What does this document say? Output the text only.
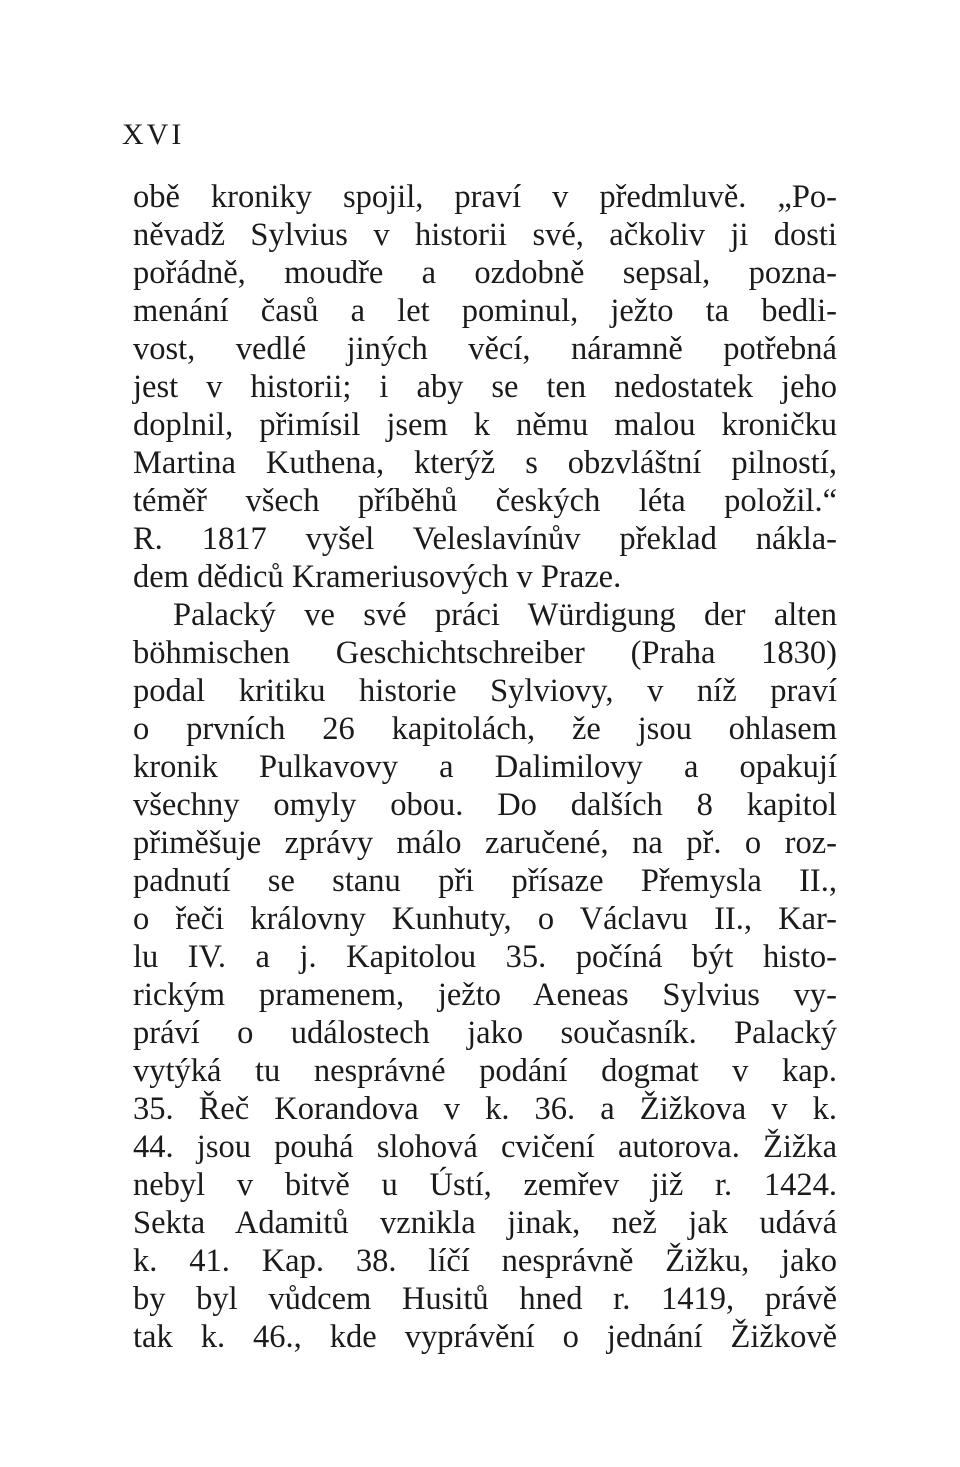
XVI
obě kroniky spojil, praví v předmluvě. „Po-
něvadž Sylvius v historii své, ačkoliv ji dosti
pořádně, moudře a ozdobně sepsal, pozna-
menání časů a let pominul, ježto ta bedli-
vost, vedlé jiných věcí, náramně potřebná
jest v historii; i aby se ten nedostatek jeho
doplnil, přimísil jsem k němu malou kroničku
Martina Kuthena, kterýž s obzvláštní pilností,
téměř všech příběhů českých léta položil.“
R. 1817 vyšel Veleslavínův překlad nákla-
dem dědiců Krameriusových v Praze.
Palacký ve své práci Würdigung der alten
böhmischen Geschichtschreiber (Praha 1830)
podal kritiku historie Sylviovy, v níž praví
o prvních 26 kapitolách, že jsou ohlasem
kronik Pulkavovy a Dalimilovy a opakují
všechny omyly obou. Do dalších 8 kapitol
přiměšuje zprávy málo zaručené, na př. o roz-
padnutí se stanu při přísaze Přemysla II.,
o řeči královny Kunhuty, o Václavu II., Kar-
lu IV. a j. Kapitolou 35. počíná být histo-
rickým pramenem, ježto Aeneas Sylvius vy-
práví o událostech jako současník. Palacký
vytýká tu nesprávné podání dogmat v kap.
35. Řeč Korandova v k. 36. a Žižkova v k.
44. jsou pouhá slohová cvičení autorova. Žižka
nebyl v bitvě u Ústí, zemřev již r. 1424.
Sekta Adamitů vznikla jinak, než jak udává
k. 41. Kap. 38. líčí nesprávně Žižku, jako
by byl vůdcem Husitů hned r. 1419, právě
tak k. 46., kde vyprávění o jednání Žižkově
